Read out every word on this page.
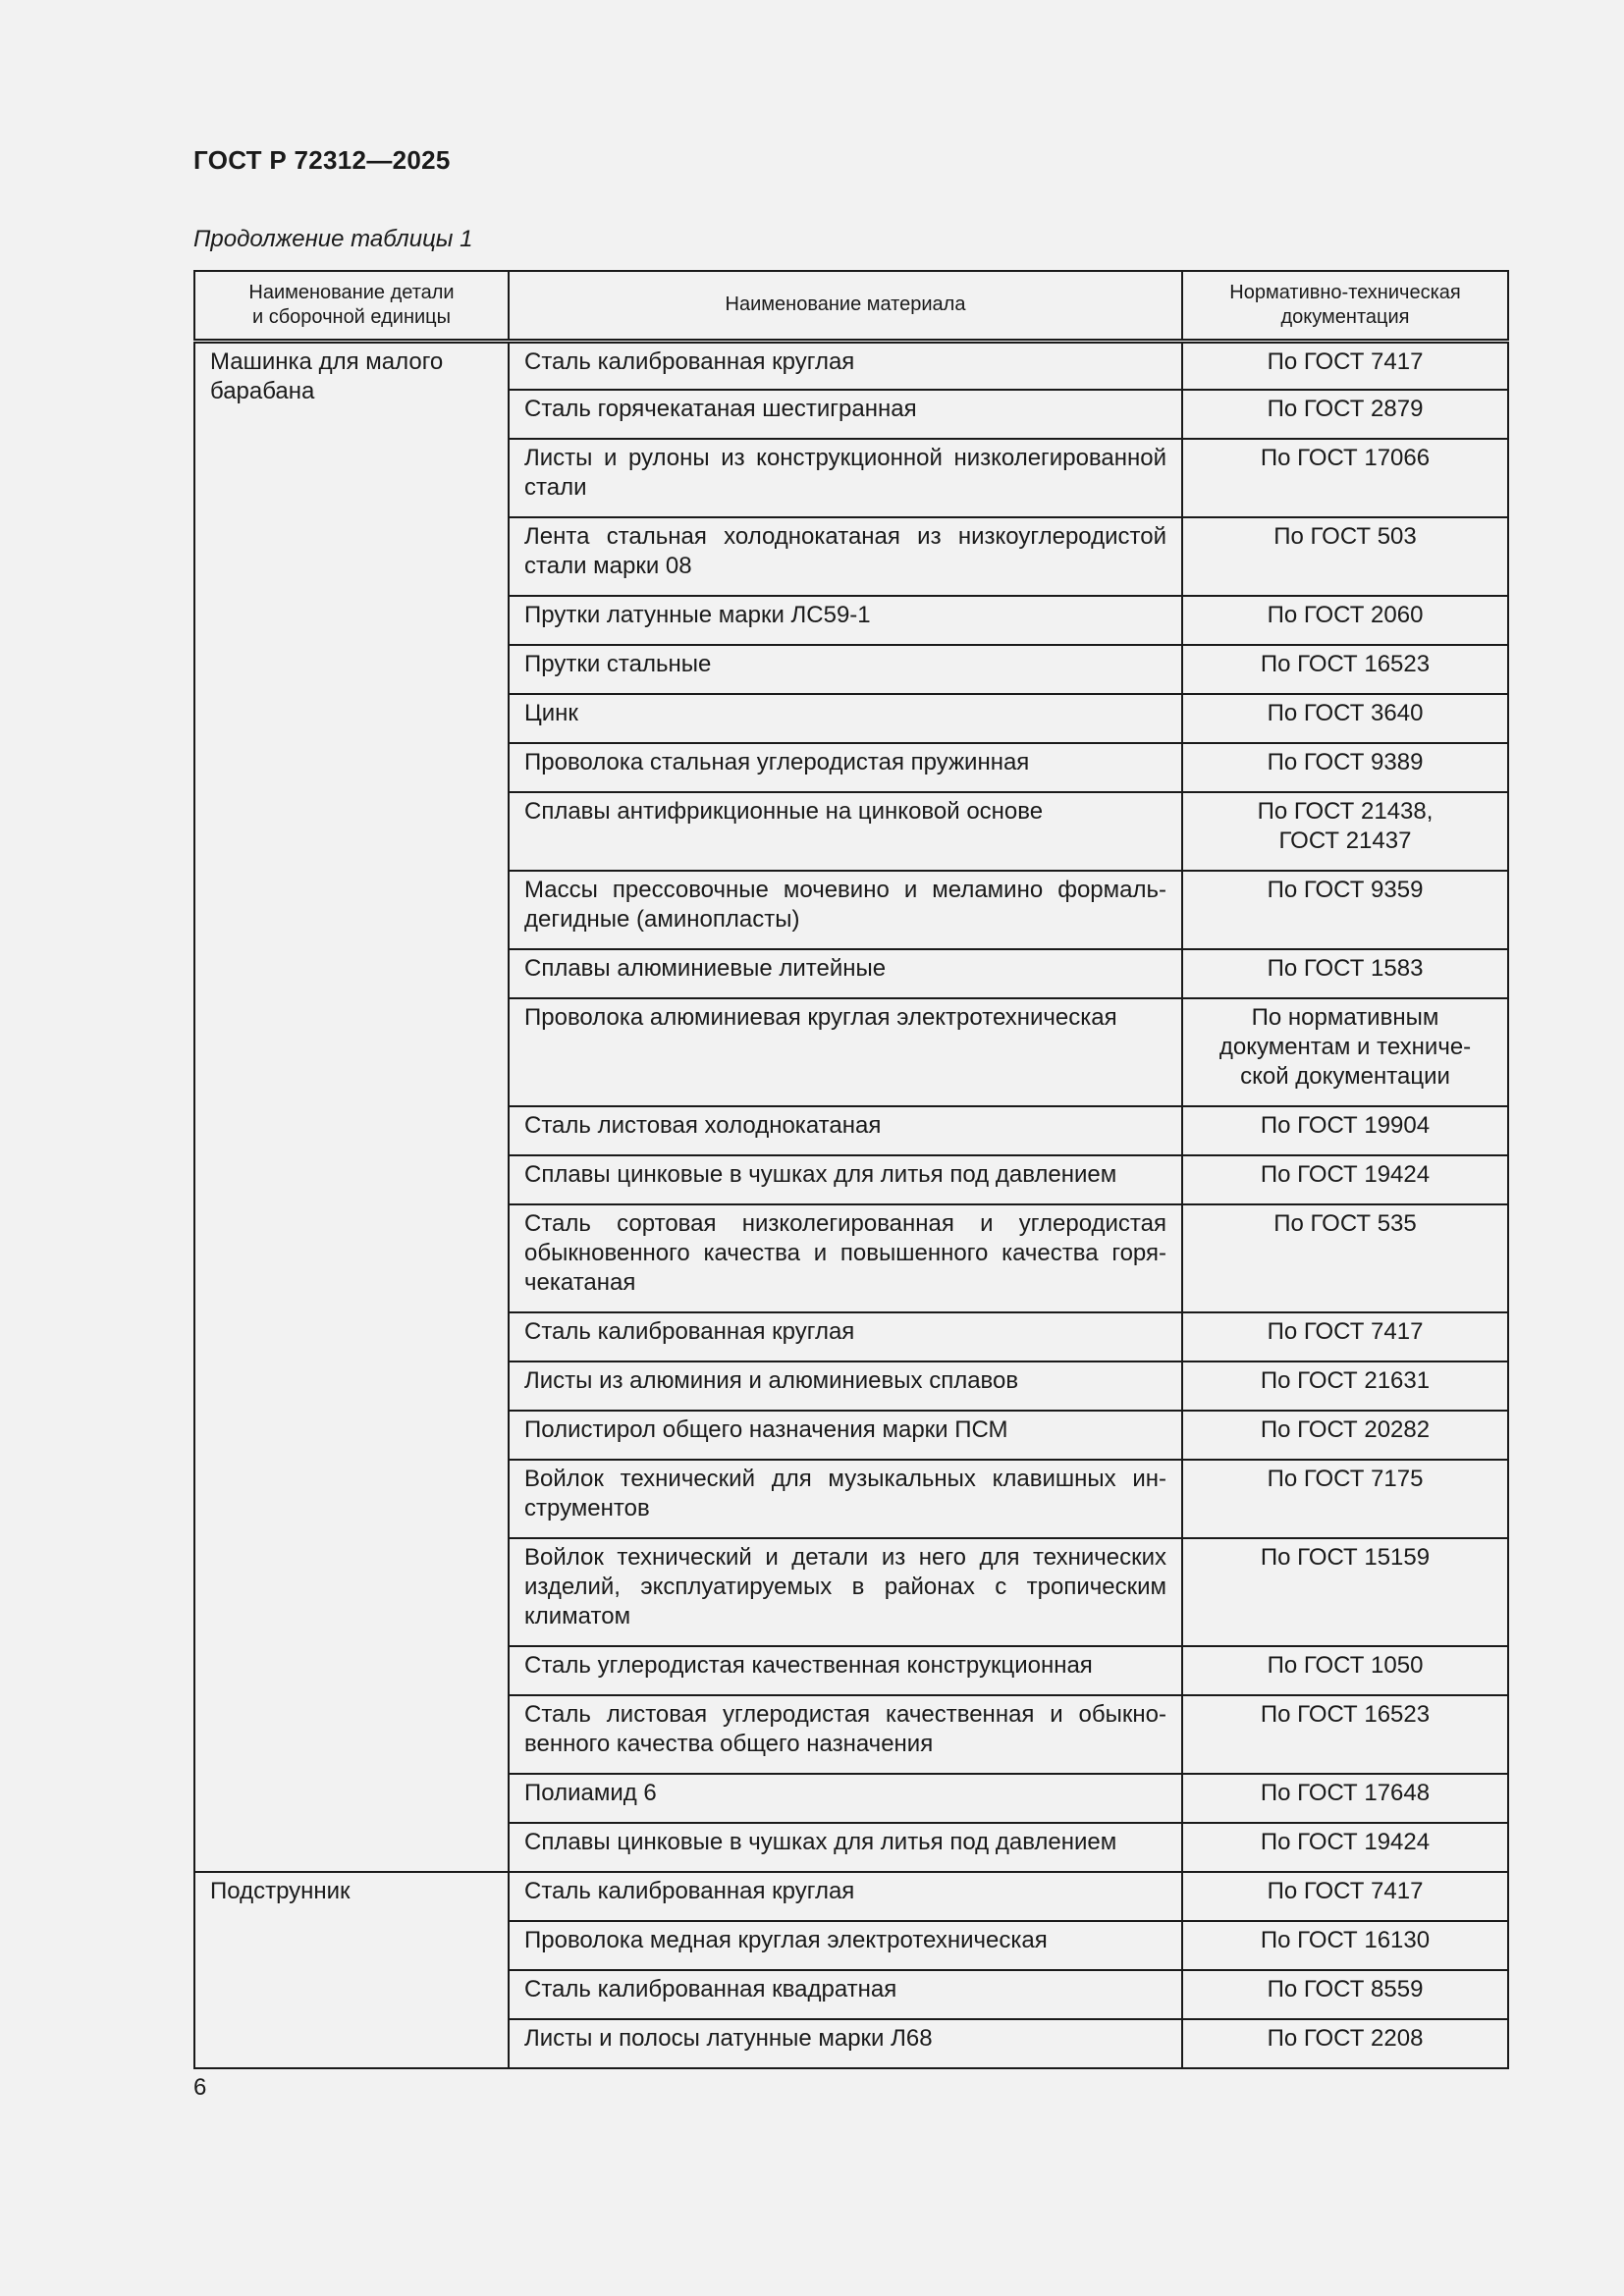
ГОСТ Р 72312—2025
Продолжение таблицы 1
Наименование детали
и сборочной единицы	Наименование материала	Нормативно-техническая
документация

Машинка для малого
барабана	Сталь калиброванная круглая	По ГОСТ 7417

	Сталь горячекатаная шестигранная	По ГОСТ 2879

	Листы и рулоны из конструкционной низколегированной
стали	По ГОСТ 17066

	Лента стальная холоднокатаная из низкоуглеродистой
стали марки 08	По ГОСТ 503

	Прутки латунные марки ЛС59-1	По ГОСТ 2060

	Прутки стальные	По ГОСТ 16523

	Цинк	По ГОСТ 3640

	Проволока стальная углеродистая пружинная	По ГОСТ 9389

	Сплавы антифрикционные на цинковой основе	По ГОСТ 21438,
ГОСТ 21437

	Массы прессовочные мочевино и меламино формаль-
дегидные (аминопласты)	По ГОСТ 9359

	Сплавы алюминиевые литейные	По ГОСТ 1583

	Проволока алюминиевая круглая электротехническая	По нормативным
документам и техниче-
ской документации

	Сталь листовая холоднокатаная	По ГОСТ 19904

	Сплавы цинковые в чушках для литья под давлением	По ГОСТ 19424

	Сталь сортовая низколегированная и углеродистая
обыкновенного качества и повышенного качества горя-
чекатаная	По ГОСТ 535

	Сталь калиброванная круглая	По ГОСТ 7417

	Листы из алюминия и алюминиевых сплавов	По ГОСТ 21631

	Полистирол общего назначения марки ПСМ	По ГОСТ 20282

	Войлок технический для музыкальных клавишных ин-
струментов	По ГОСТ 7175

	Войлок технический и детали из него для технических
изделий, эксплуатируемых в районах с тропическим
климатом	По ГОСТ 15159

	Сталь углеродистая качественная конструкционная	По ГОСТ 1050

	Сталь листовая углеродистая качественная и обыкно-
венного качества общего назначения	По ГОСТ 16523

	Полиамид 6	По ГОСТ 17648

	Сплавы цинковые в чушках для литья под давлением	По ГОСТ 19424

Подструнник	Сталь калиброванная круглая	По ГОСТ 7417

	Проволока медная круглая электротехническая	По ГОСТ 16130

	Сталь калиброванная квадратная	По ГОСТ 8559

	Листы и полосы латунные марки Л68	По ГОСТ 2208
6
